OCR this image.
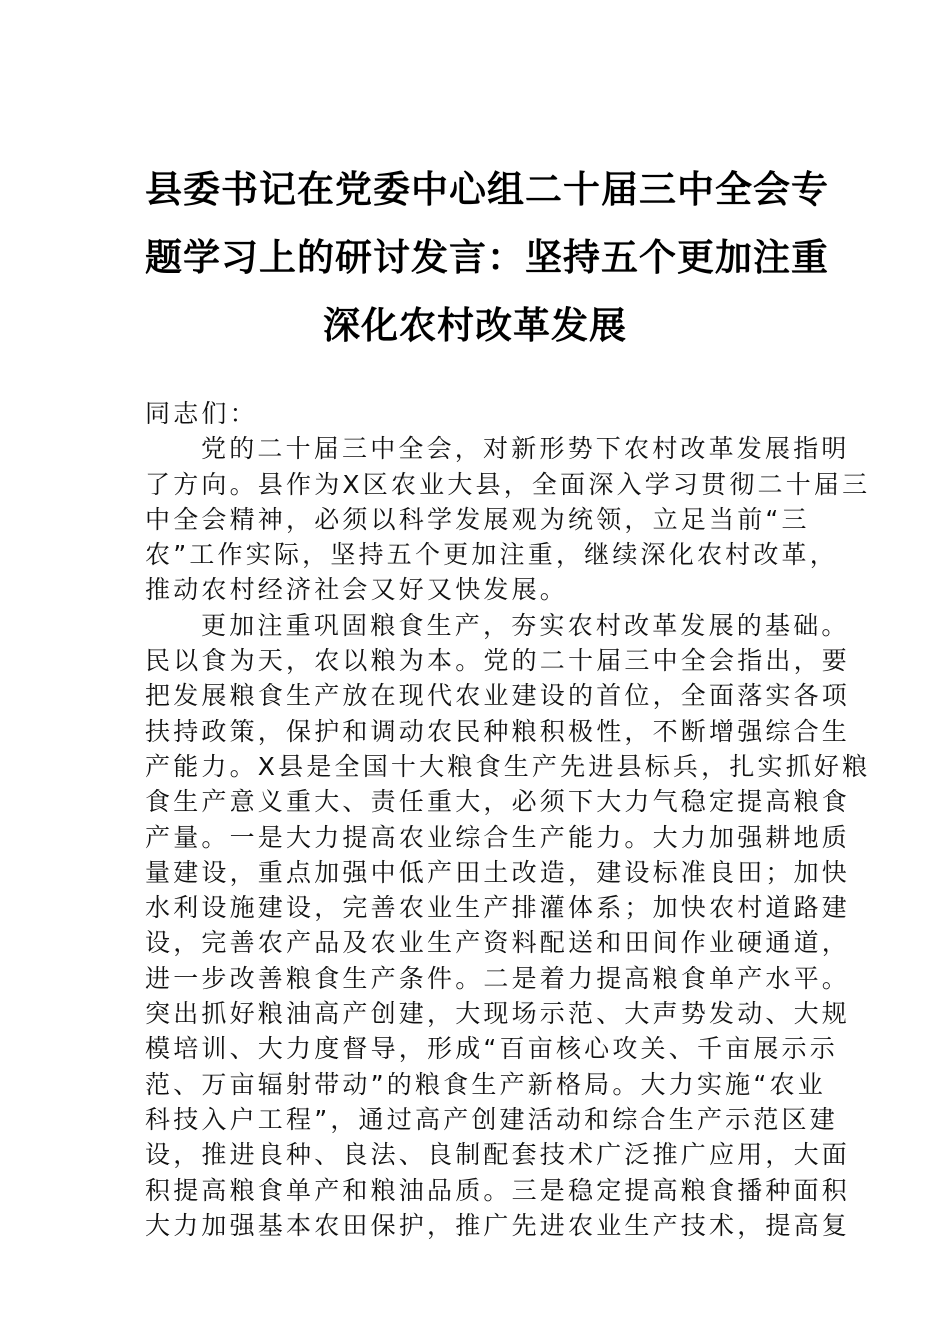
县委书记在党委中心组二十届三中全会专
题学习上的研讨发言：坚持五个更加注重
深化农村改革发展
同志们：
党的二十届三中全会，对新形势下农村改革发展指明
了方向。县作为X区农业大县，全面深入学习贯彻二十届三
中全会精神，必须以科学发展观为统领，立足当前“三
农”工作实际，坚持五个更加注重，继续深化农村改革，
推动农村经济社会又好又快发展。
更加注重巩固粮食生产，夯实农村改革发展的基础。
民以食为天，农以粮为本。党的二十届三中全会指出，要
把发展粮食生产放在现代农业建设的首位，全面落实各项
扶持政策，保护和调动农民种粮积极性，不断增强综合生
产能力。X县是全国十大粮食生产先进县标兵，扎实抓好粮
食生产意义重大、责任重大，必须下大力气稳定提高粮食
产量。一是大力提高农业综合生产能力。大力加强耕地质
量建设，重点加强中低产田土改造，建设标准良田；加快
水利设施建设，完善农业生产排灌体系；加快农村道路建
设，完善农产品及农业生产资料配送和田间作业硬通道，
进一步改善粮食生产条件。二是着力提高粮食单产水平。
突出抓好粮油高产创建，大现场示范、大声势发动、大规
模培训、大力度督导，形成“百亩核心攻关、千亩展示示
范、万亩辐射带动”的粮食生产新格局。大力实施“农业
科技入户工程”，通过高产创建活动和综合生产示范区建
设，推进良种、良法、良制配套技术广泛推广应用，大面
积提高粮食单产和粮油品质。三是稳定提高粮食播种面积
大力加强基本农田保护，推广先进农业生产技术，提高复
